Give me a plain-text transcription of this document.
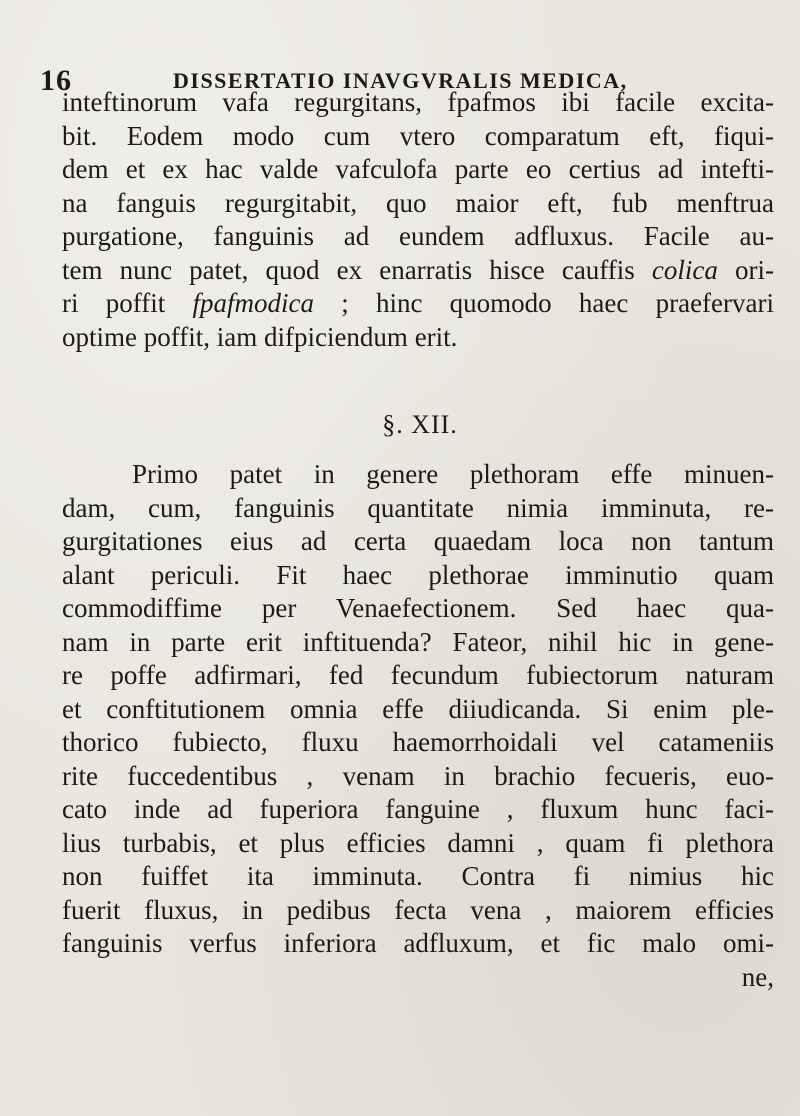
16	DISSERTATIO INAVGVRALIS MEDICA,
inteftinorum vafa regurgitans, fpafmos ibi facile excita-
bit. Eodem modo cum vtero comparatum eft, fiqui-
dem et ex hac valde vafculofa parte eo certius ad intefti-
na fanguis regurgitabit, quo maior eft, fub menftrua
purgatione, fanguinis ad eundem adfluxus. Facile au-
tem nunc patet, quod ex enarratis hisce cauffis colica ori-
ri poffit fpafmodica ; hinc quomodo haec praefervari
optime poffit, iam difpiciendum erit.
§. XII.
Primo patet in genere plethoram effe minuen-
dam, cum, fanguinis quantitate nimia imminuta, re-
gurgitationes eius ad certa quaedam loca non tantum
alant periculi. Fit haec plethorae imminutio quam
commodiffime per Venaefectionem. Sed haec qua-
nam in parte erit inftituenda? Fateor, nihil hic in gene-
re poffe adfirmari, fed fecundum fubiectorum naturam
et conftitutionem omnia effe diiudicanda. Si enim ple-
thorico fubiecto, fluxu haemorrhoidali vel catameniis
rite fuccedentibus , venam in brachio fecueris, euo-
cato inde ad fuperiora fanguine , fluxum hunc faci-
lius turbabis, et plus efficies damni , quam fi plethora
non fuiffet ita imminuta. Contra fi nimius hic
fuerit fluxus, in pedibus fecta vena , maiorem efficies
fanguinis verfus inferiora adfluxum, et fic malo omi-
ne,
